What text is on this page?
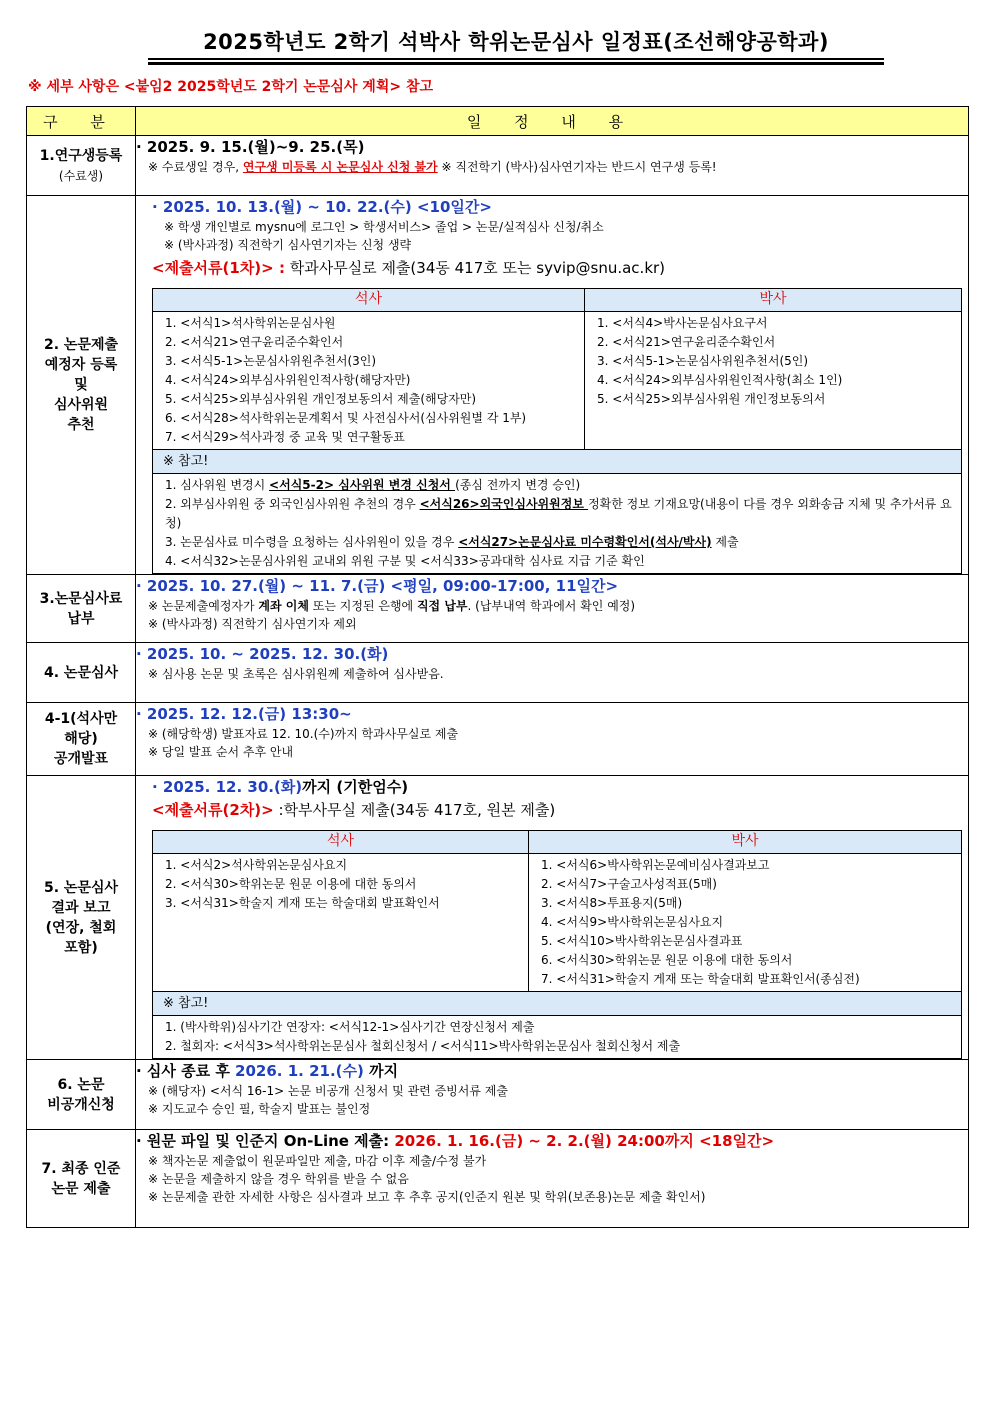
2025학년도 2학기 석박사 학위논문심사 일정표(조선해양공학과)
※ 세부 사항은 <붙임2 2025학년도 2학기 논문심사 계획> 참고
구 분	일 정 내 용

1.연구생등록
(수료생)

· 2025. 9. 15.(월)~9. 25.(목)
※ 수료생일 경우, 연구생 미등록 시 논문심사 신청 불가 ※ 직전학기 (박사)심사연기자는 반드시 연구생 등록!

2. 논문제출
예정자 등록
및
심사위원
추천

· 2025. 10. 13.(월) ~ 10. 22.(수) <10일간>
※ 학생 개인별로 mysnu에 로그인 > 학생서비스> 졸업 > 논문/실적심사 신청/취소
※ (박사과정) 직전학기 심사연기자는 신청 생략
<제출서류(1차)> : 학과사무실로 제출(34동 417호 또는 syvip@snu.ac.kr)
석사	박사

1. <서식1>석사학위논문심사원
2. <서식21>연구윤리준수확인서
3. <서식5-1>논문심사위원추천서(3인)
4. <서식24>외부심사위원인적사항(해당자만)
5. <서식25>외부심사위원 개인정보동의서 제출(해당자만)
6. <서식28>석사학위논문계획서 및 사전심사서(심사위원별 각 1부)
7. <서식29>석사과정 중 교육 및 연구활동표

1. <서식4>박사논문심사요구서
2. <서식21>연구윤리준수확인서
3. <서식5-1>논문심사위원추천서(5인)
4. <서식24>외부심사위원인적사항(최소 1인)
5. <서식25>외부심사위원 개인정보동의서

※ 참고!

1. 심사위원 변경시 <서식5-2> 심사위원 변경 신청서 (종심 전까지 변경 승인)
2. 외부심사위원 중 외국인심사위원 추천의 경우 <서식26>외국인심사위원정보 정확한 정보 기재요망(내용이 다를 경우 외화송금 지체 및 추가서류 요청)
3. 논문심사료 미수령을 요청하는 심사위원이 있을 경우 <서식27>논문심사료 미수령확인서(석사/박사) 제출
4. <서식32>논문심사위원 교내외 위원 구분 및 <서식33>공과대학 심사료 지급 기준 확인

3.논문심사료
납부

· 2025. 10. 27.(월) ~ 11. 7.(금) <평일, 09:00-17:00, 11일간>
※ 논문제출예정자가 계좌 이체 또는 지정된 은행에 직접 납부. (납부내역 학과에서 확인 예정)
※ (박사과정) 직전학기 심사연기자 제외

4. 논문심사

· 2025. 10. ~ 2025. 12. 30.(화)
※ 심사용 논문 및 초록은 심사위원께 제출하여 심사받음.

4-1(석사만
해당)
공개발표

· 2025. 12. 12.(금) 13:30~
※ (해당학생) 발표자료 12. 10.(수)까지 학과사무실로 제출
※ 당일 발표 순서 추후 안내

5. 논문심사
결과 보고
(연장, 철회
포함)

· 2025. 12. 30.(화)까지 (기한엄수)
<제출서류(2차)> :학부사무실 제출(34동 417호, 원본 제출)
석사	박사

1. <서식2>석사학위논문심사요지
2. <서식30>학위논문 원문 이용에 대한 동의서
3. <서식31>학술지 게재 또는 학술대회 발표확인서

1. <서식6>박사학위논문예비심사결과보고
2. <서식7>구술고사성적표(5매)
3. <서식8>투표용지(5매)
4. <서식9>박사학위논문심사요지
5. <서식10>박사학위논문심사결과표
6. <서식30>학위논문 원문 이용에 대한 동의서
7. <서식31>학술지 게재 또는 학술대회 발표확인서(종심전)

※ 참고!

1. (박사학위)심사기간 연장자: <서식12-1>심사기간 연장신청서 제출
2. 철회자: <서식3>석사학위논문심사 철회신청서 / <서식11>박사학위논문심사 철회신청서 제출

6. 논문
비공개신청

· 심사 종료 후 2026. 1. 21.(수) 까지
※ (해당자) <서식 16-1> 논문 비공개 신청서 및 관련 증빙서류 제출
※ 지도교수 승인 필, 학술지 발표는 불인정

7. 최종 인준
논문 제출

· 원문 파일 및 인준지 On-Line 제출: 2026. 1. 16.(금) ~ 2. 2.(월) 24:00까지 <18일간>
※ 책자논문 제출없이 원문파일만 제출, 마감 이후 제출/수정 불가
※ 논문을 제출하지 않을 경우 학위를 받을 수 없음
※ 논문제출 관한 자세한 사항은 심사결과 보고 후 추후 공지(인준지 원본 및 학위(보존용)논문 제출 확인서)
